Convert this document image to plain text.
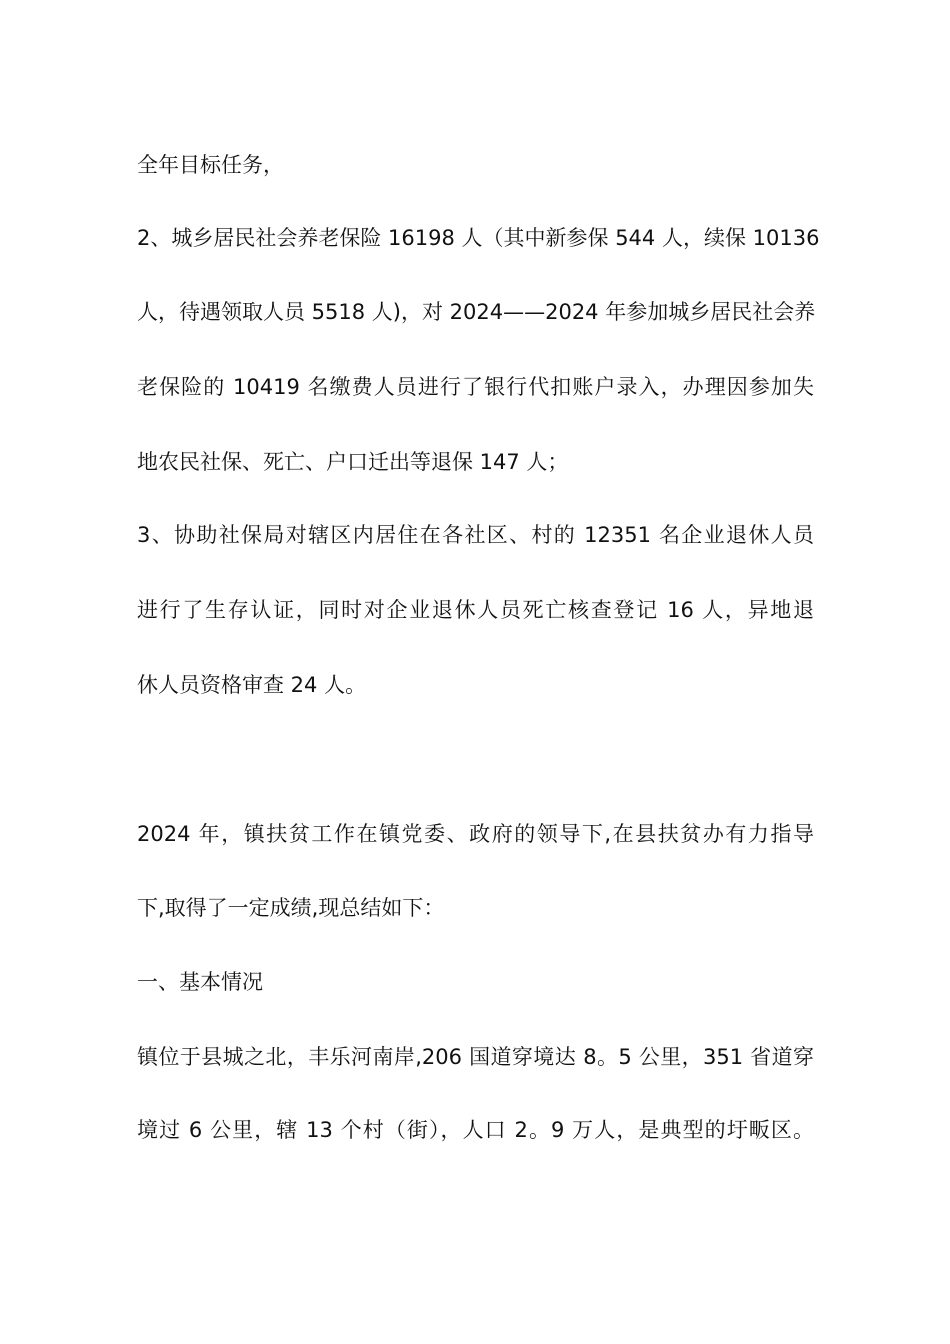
全年目标任务，
2、城乡居民社会养老保险 16198 人（其中新参保 544 人，续保 10136
人，待遇领取人员 5518 人)，对 2024——2024 年参加城乡居民社会养
老保险的 10419 名缴费人员进行了银行代扣账户录入，办理因参加失
地农民社保、死亡、户口迁出等退保 147 人；
3、协助社保局对辖区内居住在各社区、村的 12351 名企业退休人员
进行了生存认证，同时对企业退休人员死亡核查登记 16 人，异地退
休人员资格审查 24 人。
2024 年，镇扶贫工作在镇党委、政府的领导下,在县扶贫办有力指导
下,取得了一定成绩,现总结如下：
一、基本情况
镇位于县城之北，丰乐河南岸,206 国道穿境达 8。5 公里，351 省道穿
境过 6 公里，辖 13 个村（街），人口 2。9 万人，是典型的圩畈区。
